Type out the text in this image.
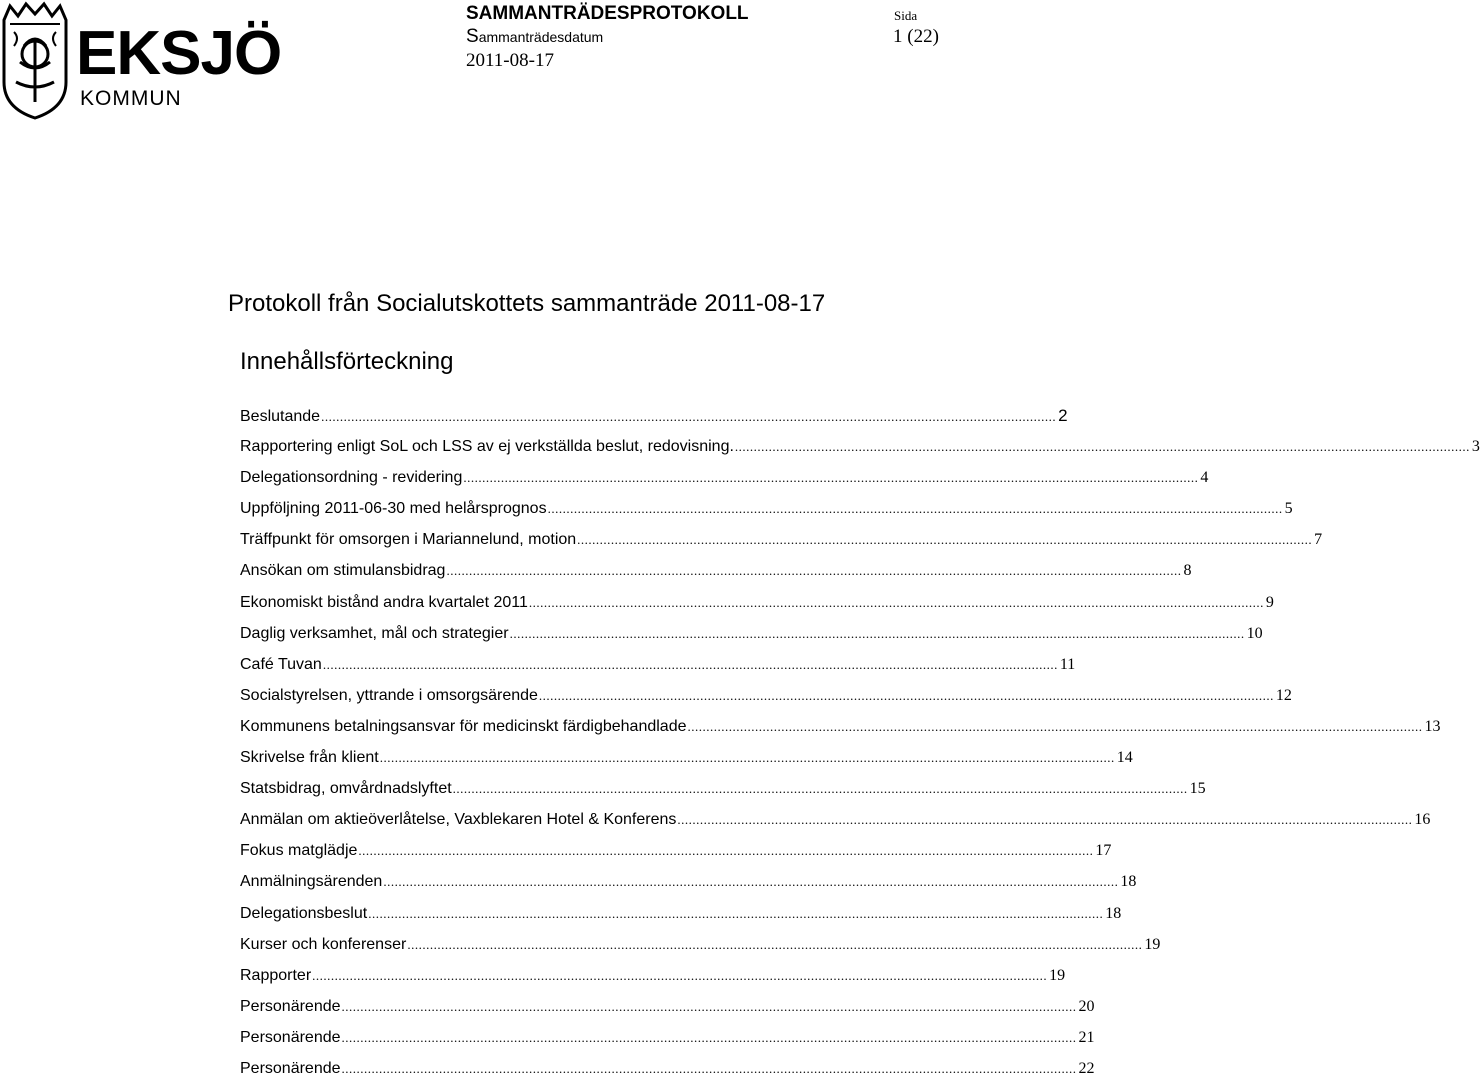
EKSJÖ
KOMMUN
SAMMANTRÄDESPROTOKOLL
Sammanträdesdatum
2011-08-17
Sida
1 (22)
Protokoll från Socialutskottets sammanträde 2011-08-17
Innehållsförteckning
Beslutande .................................................................................................................................................................................................... 2
Rapportering enligt SoL och LSS av ej verkställda beslut, redovisning. .................................................................................................................................................................................................... 3
Delegationsordning - revidering .................................................................................................................................................................................................... 4
Uppföljning 2011-06-30 med helårsprognos .................................................................................................................................................................................................... 5
Träffpunkt för omsorgen i Mariannelund, motion .................................................................................................................................................................................................... 7
Ansökan om stimulansbidrag .................................................................................................................................................................................................... 8
Ekonomiskt bistånd andra kvartalet 2011 .................................................................................................................................................................................................... 9
Daglig verksamhet, mål och strategier .................................................................................................................................................................................................... 10
Café Tuvan .................................................................................................................................................................................................... 11
Socialstyrelsen, yttrande i omsorgsärende .................................................................................................................................................................................................... 12
Kommunens betalningsansvar för medicinskt färdigbehandlade .................................................................................................................................................................................................... 13
Skrivelse från klient .................................................................................................................................................................................................... 14
Statsbidrag, omvårdnadslyftet .................................................................................................................................................................................................... 15
Anmälan om aktieöverlåtelse, Vaxblekaren Hotel & Konferens .................................................................................................................................................................................................... 16
Fokus matglädje .................................................................................................................................................................................................... 17
Anmälningsärenden .................................................................................................................................................................................................... 18
Delegationsbeslut .................................................................................................................................................................................................... 18
Kurser och konferenser .................................................................................................................................................................................................... 19
Rapporter .................................................................................................................................................................................................... 19
Personärende .................................................................................................................................................................................................... 20
Personärende .................................................................................................................................................................................................... 21
Personärende .................................................................................................................................................................................................... 22
